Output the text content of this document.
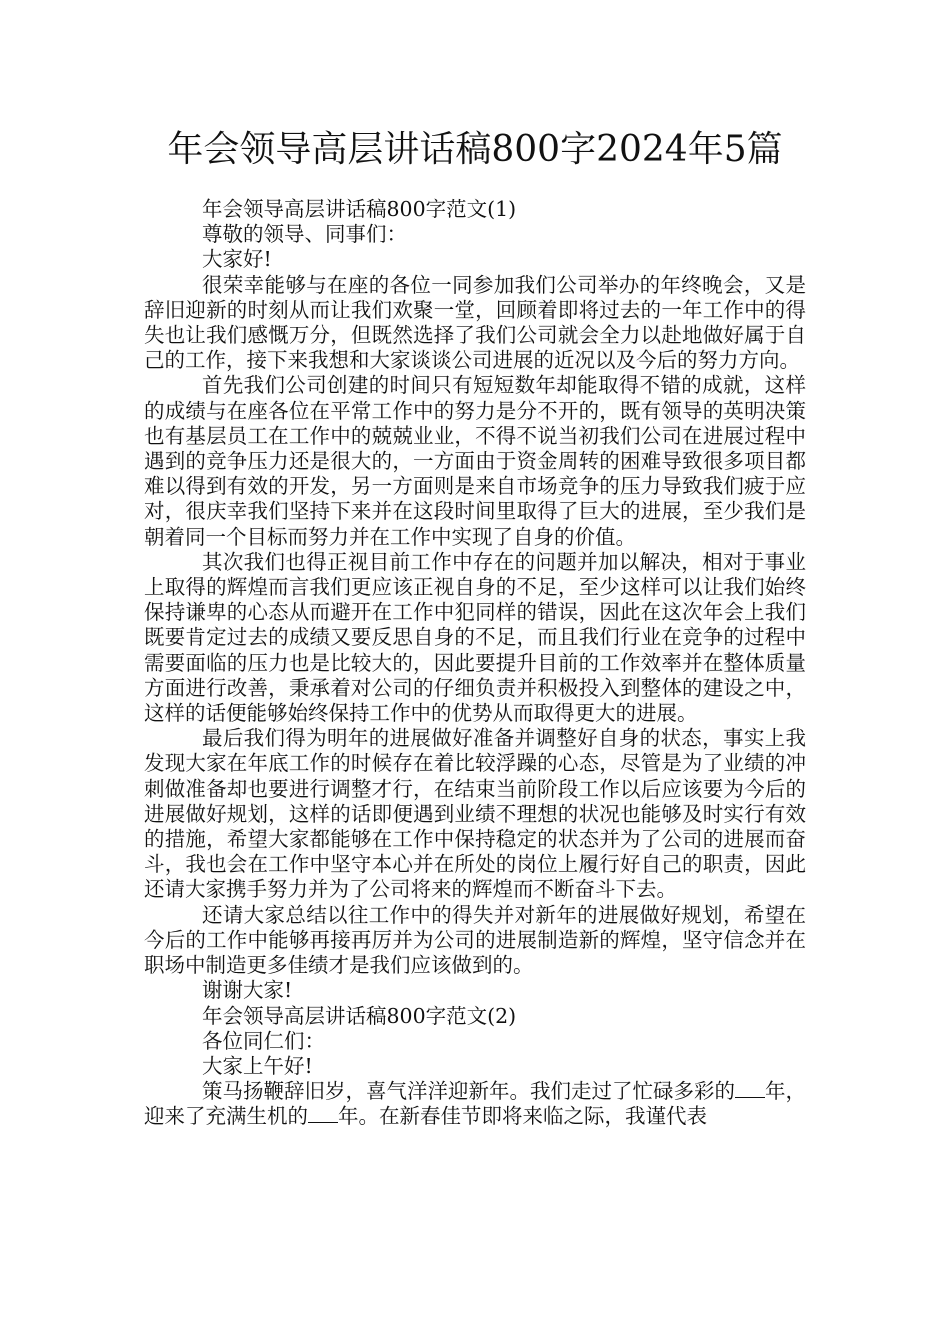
年会领导高层讲话稿800字2024年5篇

年会领导高层讲话稿800字范文(1)

尊敬的领导、同事们：

大家好!

很荣幸能够与在座的各位一同参加我们公司举办的年终晚会，又是辞旧迎新的时刻从而让我们欢聚一堂，回顾着即将过去的一年工作中的得失也让我们感慨万分，但既然选择了我们公司就会全力以赴地做好属于自己的工作，接下来我想和大家谈谈公司进展的近况以及今后的努力方向。

首先我们公司创建的时间只有短短数年却能取得不错的成就，这样的成绩与在座各位在平常工作中的努力是分不开的，既有领导的英明决策也有基层员工在工作中的兢兢业业，不得不说当初我们公司在进展过程中遇到的竞争压力还是很大的，一方面由于资金周转的困难导致很多项目都难以得到有效的开发，另一方面则是来自市场竞争的压力导致我们疲于应对，很庆幸我们坚持下来并在这段时间里取得了巨大的进展，至少我们是朝着同一个目标而努力并在工作中实现了自身的价值。

其次我们也得正视目前工作中存在的问题并加以解决，相对于事业上取得的辉煌而言我们更应该正视自身的不足，至少这样可以让我们始终保持谦卑的心态从而避开在工作中犯同样的错误，因此在这次年会上我们既要肯定过去的成绩又要反思自身的不足，而且我们行业在竞争的过程中需要面临的压力也是比较大的，因此要提升目前的工作效率并在整体质量方面进行改善，秉承着对公司的仔细负责并积极投入到整体的建设之中，这样的话便能够始终保持工作中的优势从而取得更大的进展。

最后我们得为明年的进展做好准备并调整好自身的状态，事实上我发现大家在年底工作的时候存在着比较浮躁的心态，尽管是为了业绩的冲刺做准备却也要进行调整才行，在结束当前阶段工作以后应该要为今后的进展做好规划，这样的话即便遇到业绩不理想的状况也能够及时实行有效的措施，希望大家都能够在工作中保持稳定的状态并为了公司的进展而奋斗，我也会在工作中坚守本心并在所处的岗位上履行好自己的职责，因此还请大家携手努力并为了公司将来的辉煌而不断奋斗下去。

还请大家总结以往工作中的得失并对新年的进展做好规划，希望在今后的工作中能够再接再厉并为公司的进展制造新的辉煌，坚守信念并在职场中制造更多佳绩才是我们应该做到的。

谢谢大家!

年会领导高层讲话稿800字范文(2)

各位同仁们：

大家上午好!

策马扬鞭辞旧岁，喜气洋洋迎新年。我们走过了忙碌多彩的 年，迎来了充满生机的 年。在新春佳节即将来临之际，我谨代表
